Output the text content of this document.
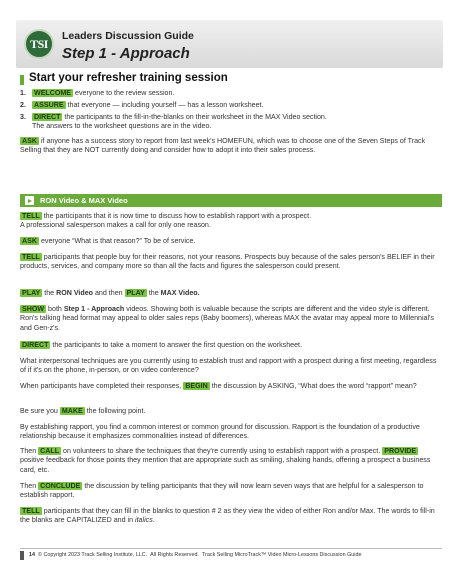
TSI
Leaders Discussion Guide
Step 1 - Approach
Start your refresher training session
1. WELCOME everyone to the review session.
2. ASSURE that everyone — including yourself — has a lesson worksheet.
3. DIRECT the participants to the fill-in-the-blanks on their worksheet in the MAX Video section.
The answers to the worksheet questions are in the video.
ASK if anyone has a success story to report from last week's HOMEFUN, which was to choose one of the Seven Steps of Track Selling that they are NOT currently doing and consider how to adopt it into their sales process.
RON Video & MAX Video
TELL the participants that it is now time to discuss how to establish rapport with a prospect.
A professional salesperson makes a call for only one reason.
ASK everyone “What is that reason?” To be of service.
TELL participants that people buy for their reasons, not your reasons. Prospects buy because of the sales person's BELIEF in their products, services, and company more so than all the facts and figures the salesperson could present.
PLAY the RON Video and then PLAY the MAX Video.
SHOW both Step 1 - Approach videos. Showing both is valuable because the scripts are different and the video style is different. Ron's talking head format may appeal to older sales reps (Baby boomers), whereas MAX the avatar may appeal more to Millennial's and Gen-z's.
DIRECT the participants to take a moment to answer the first question on the worksheet.
What interpersonal techniques are you currently using to establish trust and rapport with a prospect during a first meeting, regardless of if it's on the phone, in-person, or on video conference?
When participants have completed their responses, BEGIN the discussion by ASKING, “What does the word “rapport” mean?
Be sure you MAKE the following point.
By establishing rapport, you find a common interest or common ground for discussion. Rapport is the foundation of a productive relationship because it emphasizes commonalities instead of differences.
Then CALL on volunteers to share the techniques that they're currently using to establish rapport with a prospect. PROVIDE positive feedback for those points they mention that are appropriate such as smiling, shaking hands, offering a prospect a business card, etc.
Then CONCLUDE the discussion by telling participants that they will now learn seven ways that are helpful for a salesperson to establish rapport.
TELL participants that they can fill in the blanks to question # 2 as they view the video of either Ron and/or Max. The words to fill-in the blanks are CAPITALIZED and in italics.
14 © Copyright 2023 Track Selling Institute, LLC. All Rights Reserved. Track Selling MicroTrack™ Video Micro-Lessons Discussion Guide
